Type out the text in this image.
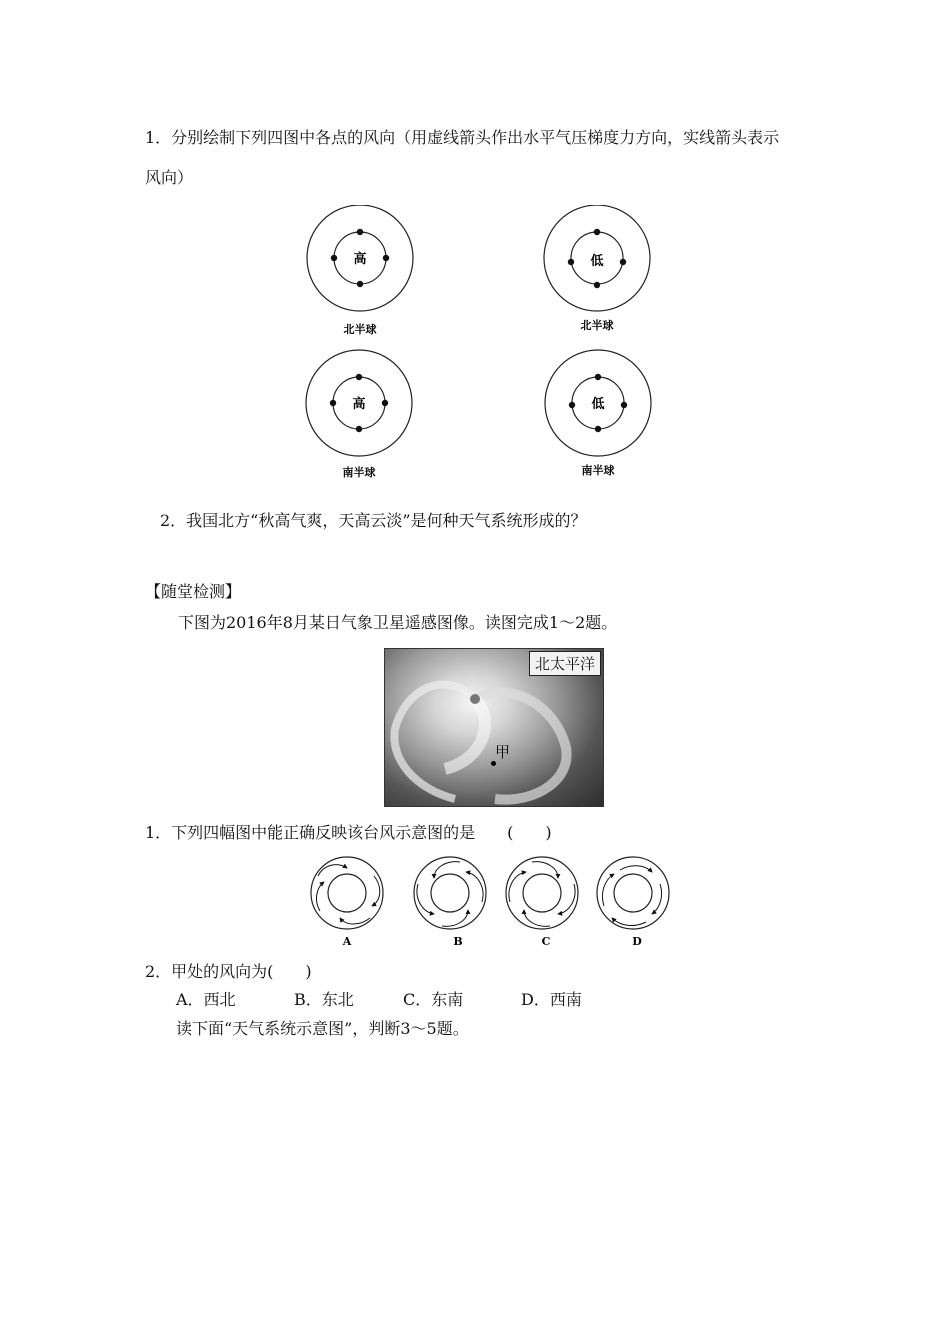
1．分别绘制下列四图中各点的风向（用虚线箭头作出水平气压梯度力方向，实线箭头表示
风向）
高
北半球
低
北半球
高
南半球
低
南半球
2．我国北方“秋高气爽，天高云淡”是何种天气系统形成的？
【随堂检测】
下图为2016年8月某日气象卫星遥感图像。读图完成1～2题。
北太平洋
甲
1．下列四幅图中能正确反映该台风示意图的是　　(　　)
A	B	C	D
2．甲处的风向为(　　)
A．西北	B．东北	C．东南	D．西南
读下面“天气系统示意图”，判断3～5题。
